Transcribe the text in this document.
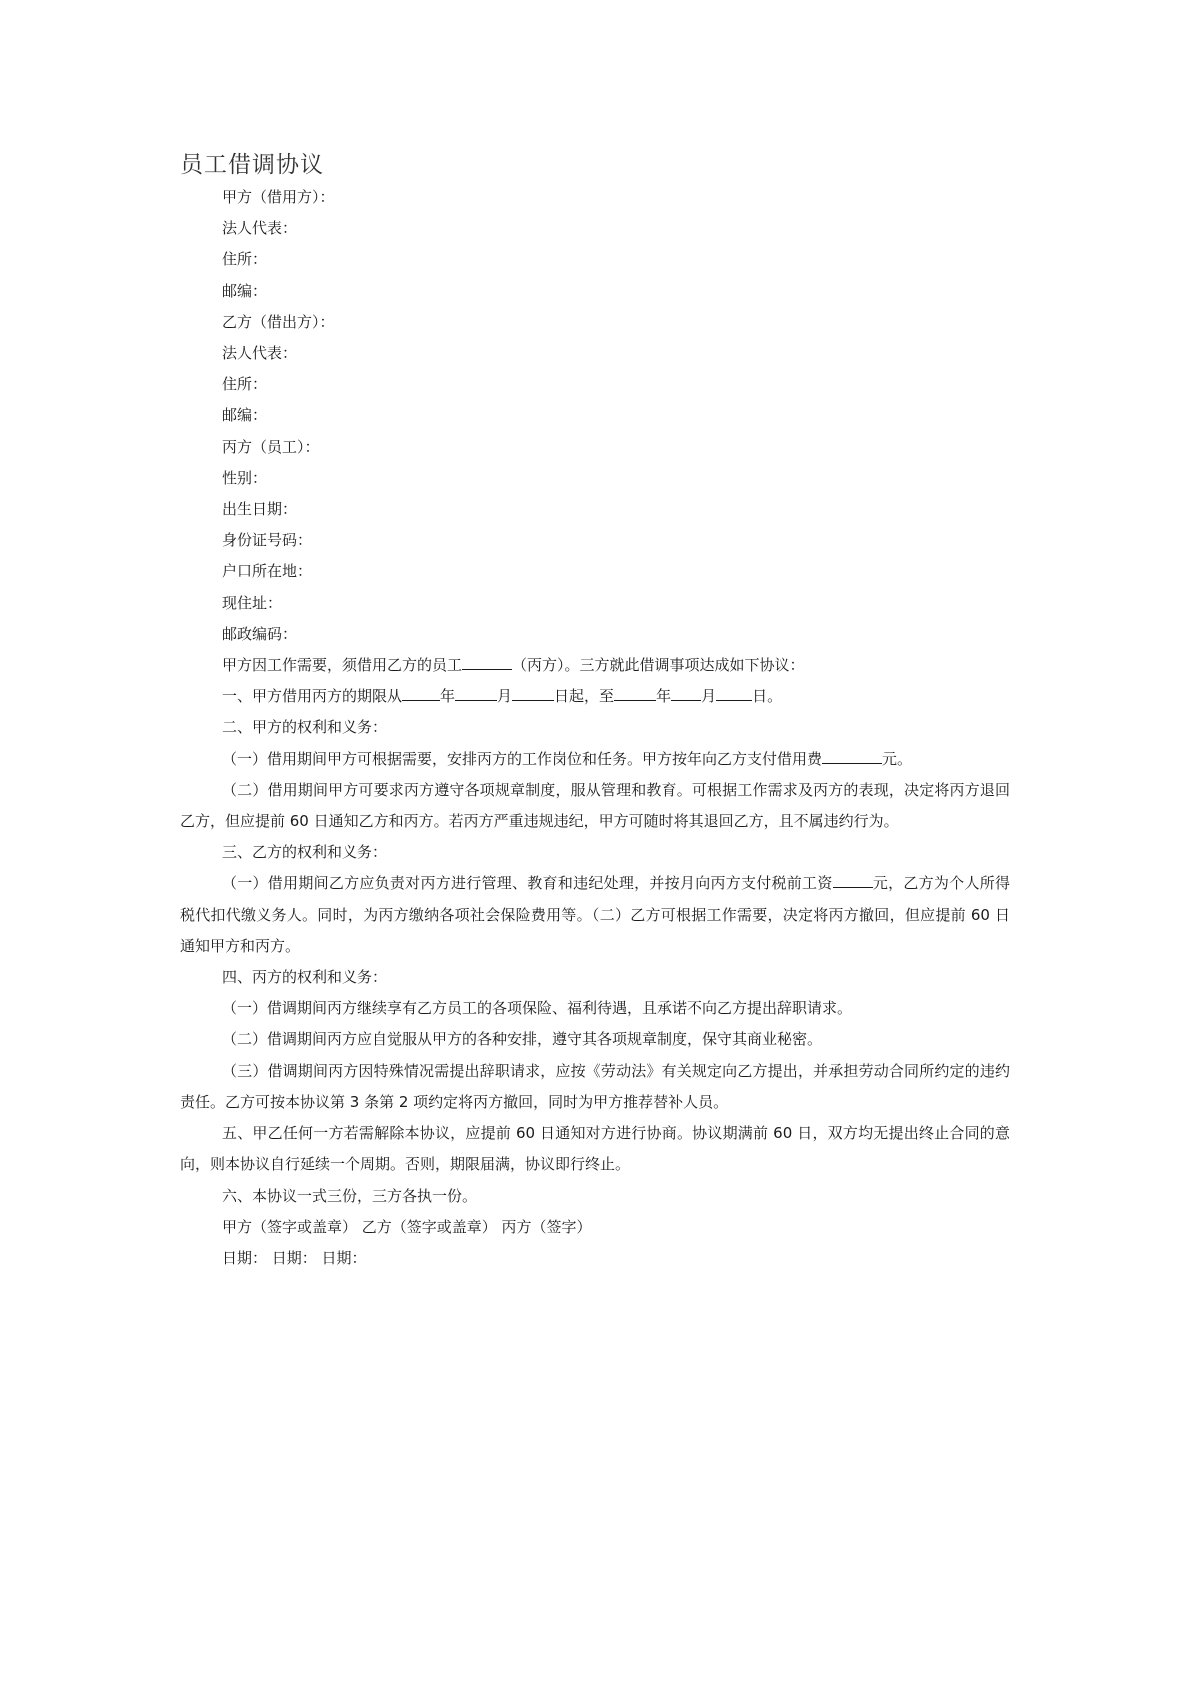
员工借调协议
甲方（借用方）：
法人代表：
住所：
邮编：
乙方（借出方）：
法人代表：
住所：
邮编：
丙方（员工）：
性别：
出生日期：
身份证号码：
户口所在地：
现住址：
邮政编码：
甲方因工作需要，须借用乙方的员工	（丙方）。三方就此借调事项达成如下协议：
一、甲方借用丙方的期限从	年	月	日起，至	年 月 日。
二、甲方的权利和义务：
（一）借用期间甲方可根据需要，安排丙方的工作岗位和任务。甲方按年向乙方支付借用费	元。
（二）借用期间甲方可要求丙方遵守各项规章制度，服从管理和教育。可根据工作需求及丙方的表现，决定将丙方退回乙方，但应提前 60 日通知乙方和丙方。若丙方严重违规违纪，甲方可随时将其退回乙方，且不属违约行为。
三、乙方的权利和义务：
（一）借用期间乙方应负责对丙方进行管理、教育和违纪处理，并按月向丙方支付税前工资	元，乙方为个人所得税代扣代缴义务人。同时，为丙方缴纳各项社会保险费用等。（二）乙方可根据工作需要，决定将丙方撤回，但应提前 60 日通知甲方和丙方。
四、丙方的权利和义务：
（一）借调期间丙方继续享有乙方员工的各项保险、福利待遇，且承诺不向乙方提出辞职请求。
（二）借调期间丙方应自觉服从甲方的各种安排，遵守其各项规章制度，保守其商业秘密。
（三）借调期间丙方因特殊情况需提出辞职请求，应按《劳动法》有关规定向乙方提出，并承担劳动合同所约定的违约责任。乙方可按本协议第 3 条第 2 项约定将丙方撤回，同时为甲方推荐替补人员。
五、甲乙任何一方若需解除本协议，应提前 60 日通知对方进行协商。协议期满前 60 日，双方均无提出终止合同的意向，则本协议自行延续一个周期。否则，期限届满，协议即行终止。
六、本协议一式三份，三方各执一份。
甲方（签字或盖章） 乙方（签字或盖章） 丙方（签字）
日期： 日期： 日期：
